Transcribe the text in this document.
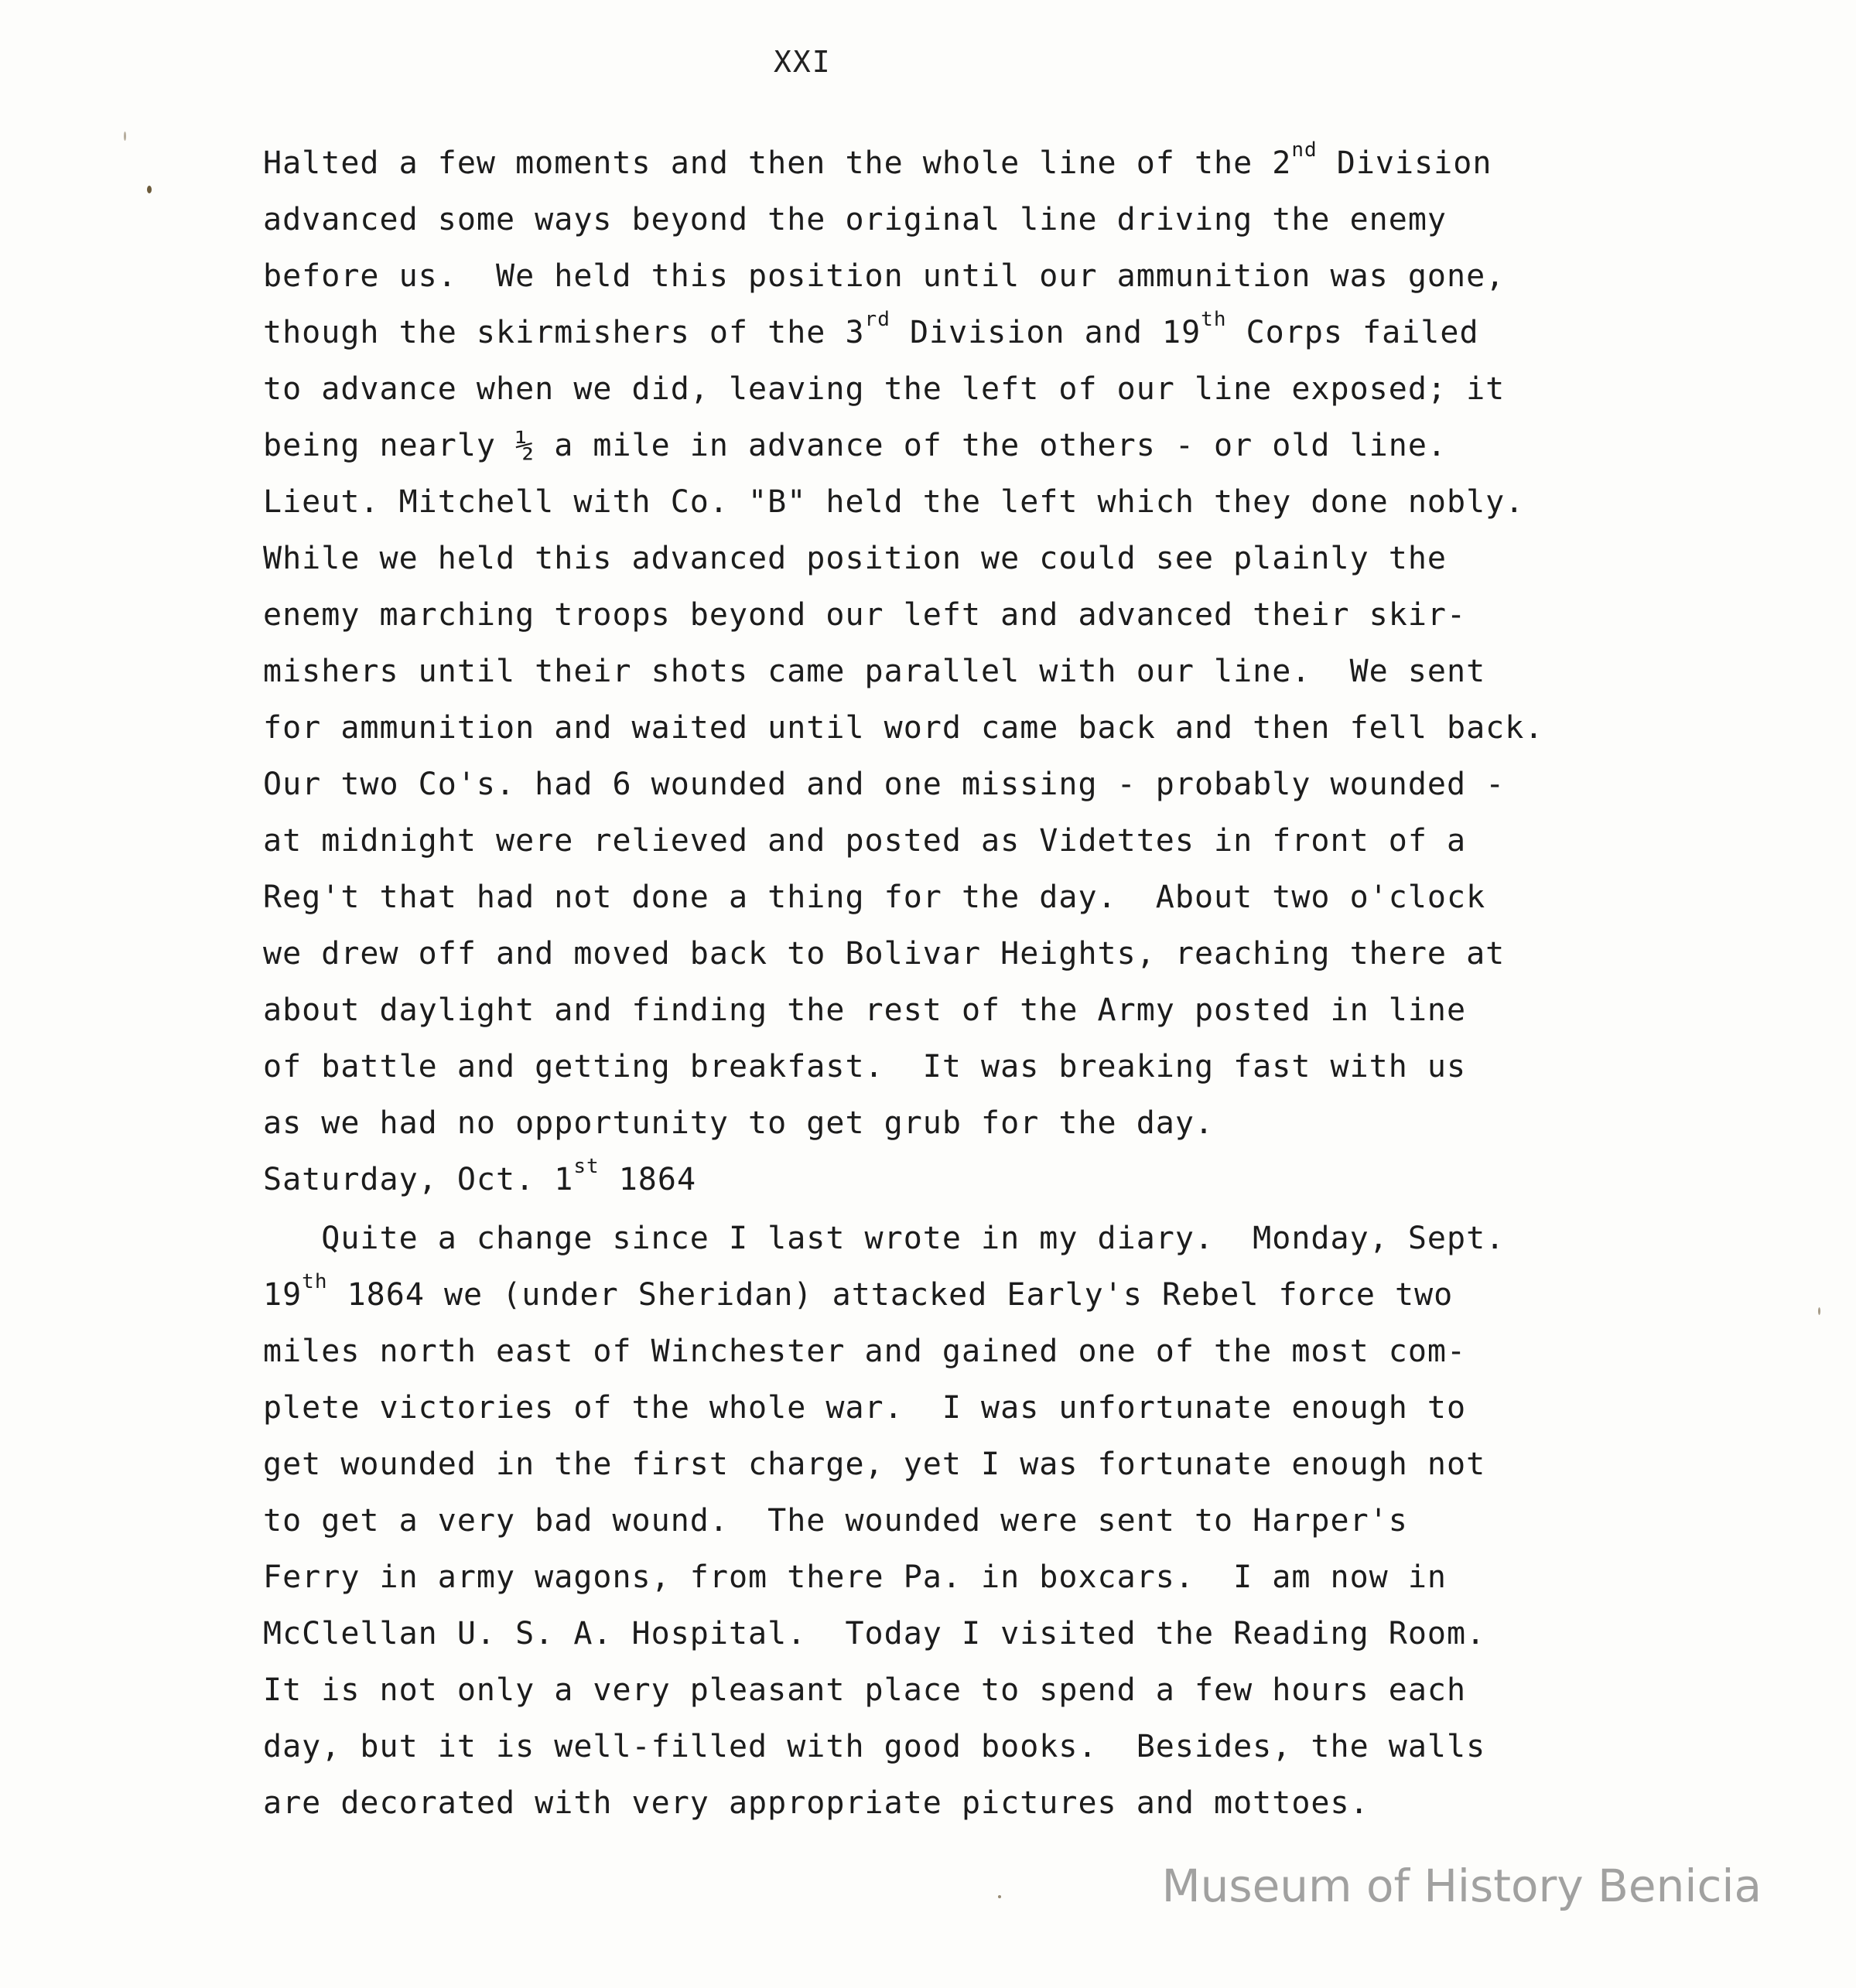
XXI
Halted a few moments and then the whole line of the 2nd Division
advanced some ways beyond the original line driving the enemy
before us.  We held this position until our ammunition was gone,
though the skirmishers of the 3rd Division and 19th Corps failed
to advance when we did, leaving the left of our line exposed; it
being nearly ½ a mile in advance of the others - or old line.
Lieut. Mitchell with Co. "B" held the left which they done nobly.
While we held this advanced position we could see plainly the
enemy marching troops beyond our left and advanced their skir-
mishers until their shots came parallel with our line.  We sent
for ammunition and waited until word came back and then fell back.
Our two Co's. had 6 wounded and one missing - probably wounded -
at midnight were relieved and posted as Videttes in front of a
Reg't that had not done a thing for the day.  About two o'clock
we drew off and moved back to Bolivar Heights, reaching there at
about daylight and finding the rest of the Army posted in line
of battle and getting breakfast.  It was breaking fast with us
as we had no opportunity to get grub for the day.
Saturday, Oct. 1st 1864
Quite a change since I last wrote in my diary.  Monday, Sept.
19th 1864 we (under Sheridan) attacked Early's Rebel force two
miles north east of Winchester and gained one of the most com-
plete victories of the whole war.  I was unfortunate enough to
get wounded in the first charge, yet I was fortunate enough not
to get a very bad wound.  The wounded were sent to Harper's
Ferry in army wagons, from there Pa. in boxcars.  I am now in
McClellan U. S. A. Hospital.  Today I visited the Reading Room.
It is not only a very pleasant place to spend a few hours each
day, but it is well-filled with good books.  Besides, the walls
are decorated with very appropriate pictures and mottoes.
Museum of History Benicia
